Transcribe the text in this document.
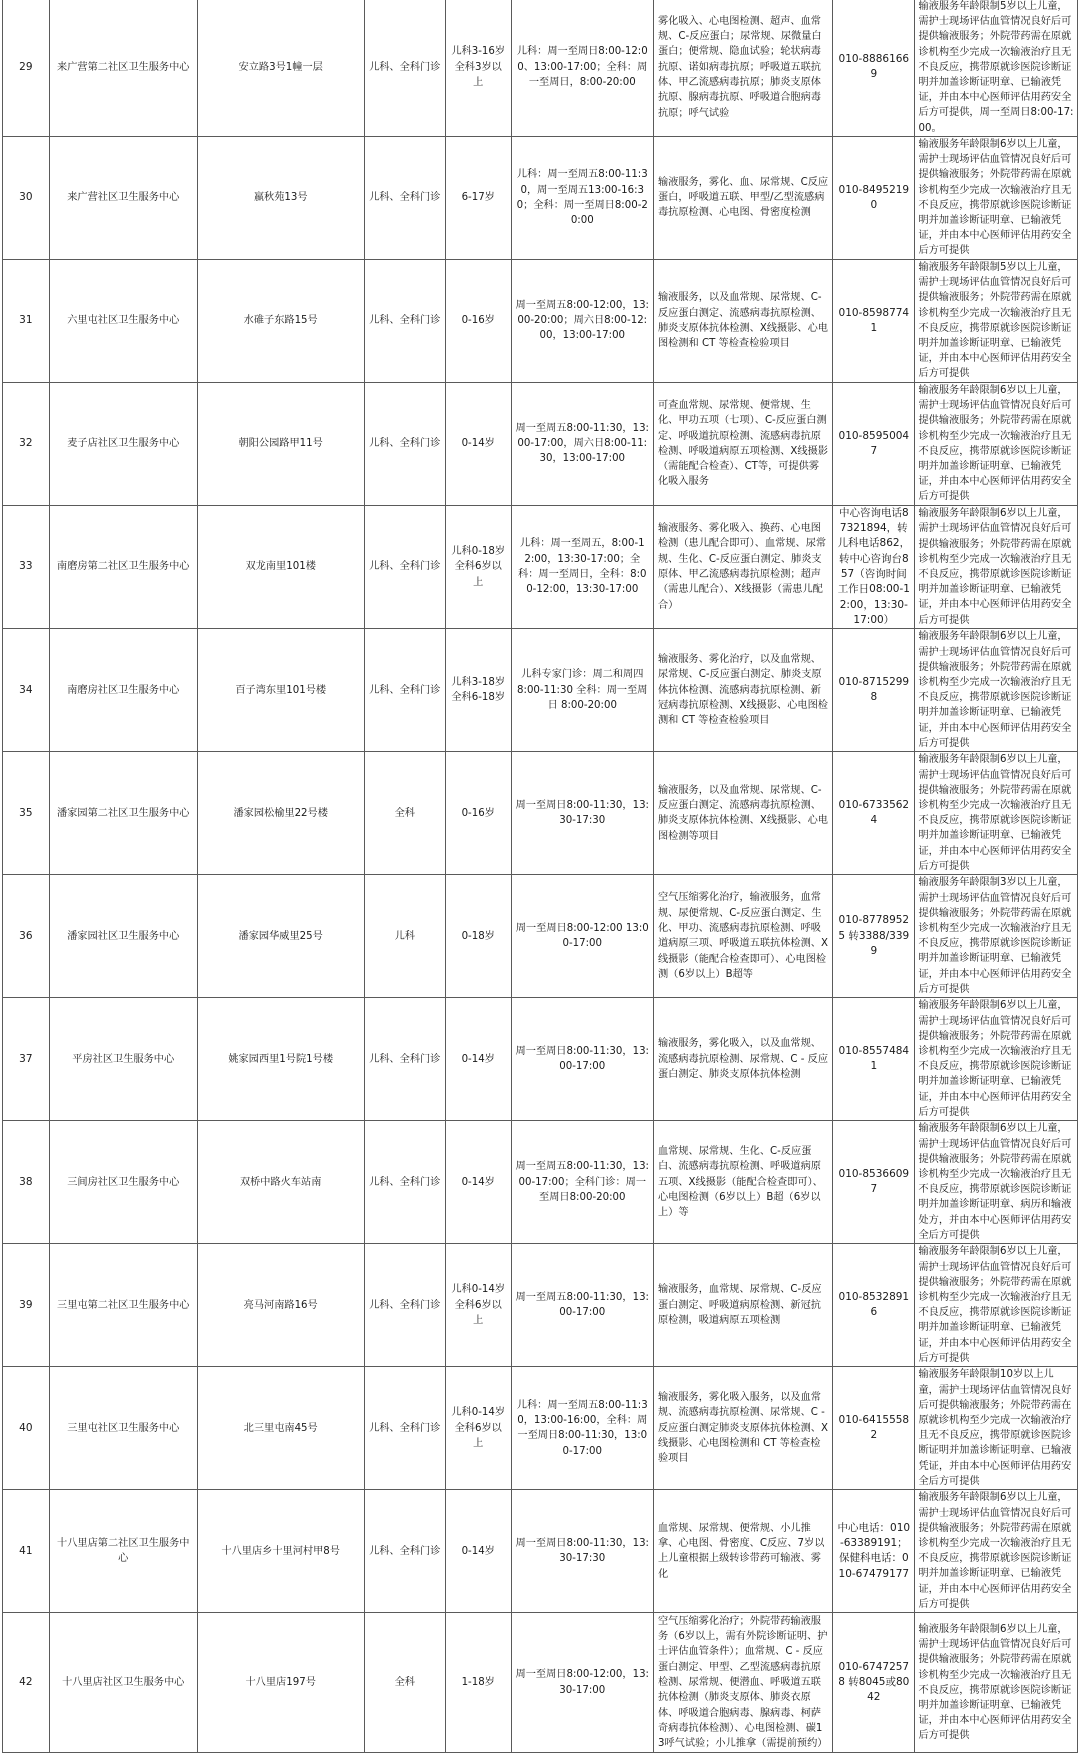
29	来广营第二社区卫生服务中心	安立路3号1幢一层	儿科、全科门诊	儿科3-16岁 全科3岁以上	儿科：周一至周日8:00-12:00、13:00-17:00；全科：周一至周日，8:00-20:00	雾化吸入、心电图检测、超声、血常规、C-反应蛋白；尿常规、尿微量白蛋白；便常规、隐血试验；轮状病毒抗原、诺如病毒抗原；呼吸道五联抗体、甲乙流感病毒抗原；肺炎支原体抗原、腺病毒抗原、呼吸道合胞病毒抗原；呼气试验	010-88861669	输液服务年龄限制5岁以上儿童，需护士现场评估血管情况良好后可提供输液服务；外院带药需在原就诊机构至少完成一次输液治疗且无不良反应，携带原就诊医院诊断证明并加盖诊断证明章、已输液凭证，并由本中心医师评估用药安全后方可提供，周一至周日8:00-17:00。
30	来广营社区卫生服务中心	嬴秋苑13号	儿科、全科门诊	6-17岁	儿科：周一至周五8:00-11:30，周一至周五13:00-16:30；全科：周一至周日8:00-20:00	输液服务，雾化、血、尿常规、C反应蛋白，呼吸道五联、甲型/乙型流感病毒抗原检测、心电图、骨密度检测	010-84952190	输液服务年龄限制6岁以上儿童，需护士现场评估血管情况良好后可提供输液服务；外院带药需在原就诊机构至少完成一次输液治疗且无不良反应，携带原就诊医院诊断证明并加盖诊断证明章、已输液凭证，并由本中心医师评估用药安全后方可提供
31	六里屯社区卫生服务中心	水碓子东路15号	儿科、全科门诊	0-16岁	周一至周五8:00-12:00，13:00-20:00；周六日8:00-12:00，13:00-17:00	输液服务，以及血常规、尿常规、C-反应蛋白测定、流感病毒抗原检测、肺炎支原体抗体检测、X线摄影、心电图检测和 CT 等检查检验项目	010-85987741	输液服务年龄限制5岁以上儿童，需护士现场评估血管情况良好后可提供输液服务；外院带药需在原就诊机构至少完成一次输液治疗且无不良反应，携带原就诊医院诊断证明并加盖诊断证明章、已输液凭证，并由本中心医师评估用药安全后方可提供
32	麦子店社区卫生服务中心	朝阳公园路甲11号	儿科、全科门诊	0-14岁	周一至周五8:00-11:30，13:00-17:00，周六日8:00-11:30，13:00-17:00	可查血常规、尿常规、便常规、生化、甲功五项（七项）、C-反应蛋白测定、呼吸道抗原检测、流感病毒抗原检测、呼吸道病原五项检测、X线摄影（需能配合检查）、CT等，可提供雾化吸入服务	010-85950047	输液服务年龄限制6岁以上儿童，需护士现场评估血管情况良好后可提供输液服务；外院带药需在原就诊机构至少完成一次输液治疗且无不良反应，携带原就诊医院诊断证明并加盖诊断证明章、已输液凭证，并由本中心医师评估用药安全后方可提供
33	南磨房第二社区卫生服务中心	双龙南里101楼	儿科、全科门诊	儿科0-18岁 全科6岁以上	儿科：周一至周五，8:00-12:00，13:30-17:00；全科：周一至周日，全科：8:00-12:00，13:30-17:00	输液服务、雾化吸入、换药、心电图检测（患儿配合即可）、血常规、尿常规、生化、C-反应蛋白测定、肺炎支原体、甲乙流感病毒抗原检测；超声（需患儿配合）、X线摄影（需患儿配合）	中心咨询电话87321894，转儿科电话862，转中心咨询台857（咨询时间工作日08:00-12:00，13:30-17:00）	输液服务年龄限制6岁以上儿童，需护士现场评估血管情况良好后可提供输液服务；外院带药需在原就诊机构至少完成一次输液治疗且无不良反应，携带原就诊医院诊断证明并加盖诊断证明章、已输液凭证，并由本中心医师评估用药安全后方可提供
34	南磨房社区卫生服务中心	百子湾东里101号楼	儿科、全科门诊	儿科3-18岁 全科6-18岁	儿科专家门诊：周二和周四 8:00-11:30 全科：周一至周日 8:00-20:00	输液服务、雾化治疗，以及血常规、尿常规、C-反应蛋白测定、肺炎支原体抗体检测、流感病毒抗原检测、新冠病毒抗原检测、X线摄影、心电图检测和 CT 等检查检验项目	010-87152998	输液服务年龄限制6岁以上儿童，需护士现场评估血管情况良好后可提供输液服务；外院带药需在原就诊机构至少完成一次输液治疗且无不良反应，携带原就诊医院诊断证明并加盖诊断证明章、已输液凭证，并由本中心医师评估用药安全后方可提供
35	潘家园第二社区卫生服务中心	潘家园松榆里22号楼	全科	0-16岁	周一至周日8:00-11:30，13:30-17:30	输液服务，以及血常规、尿常规、C-反应蛋白测定、流感病毒抗原检测、肺炎支原体抗体检测、X线摄影、心电图检测等项目	010-67335624	输液服务年龄限制6岁以上儿童，需护士现场评估血管情况良好后可提供输液服务；外院带药需在原就诊机构至少完成一次输液治疗且无不良反应，携带原就诊医院诊断证明并加盖诊断证明章、已输液凭证，并由本中心医师评估用药安全后方可提供
36	潘家园社区卫生服务中心	潘家园华威里25号	儿科	0-18岁	周一至周日8:00-12:00 13:00-17:00	空气压缩雾化治疗，输液服务，血常规、尿便常规、C-反应蛋白测定、生化、甲功、流感病毒抗原检测、呼吸道病原三项、呼吸道五联抗体检测、X线摄影（能配合检查即可）、心电图检测（6岁以上）B超等	010-87789525 转3388/3399	输液服务年龄限制3岁以上儿童，需护士现场评估血管情况良好后可提供输液服务；外院带药需在原就诊机构至少完成一次输液治疗且无不良反应，携带原就诊医院诊断证明并加盖诊断证明章、已输液凭证，并由本中心医师评估用药安全后方可提供
37	平房社区卫生服务中心	姚家园西里1号院1号楼	儿科、全科门诊	0-14岁	周一至周日8:00-11:30，13:00-17:00	输液服务，雾化吸入，以及血常规、流感病毒抗原检测、尿常规、C - 反应蛋白测定、肺炎支原体抗体检测	010-85574841	输液服务年龄限制6岁以上儿童，需护士现场评估血管情况良好后可提供输液服务；外院带药需在原就诊机构至少完成一次输液治疗且无不良反应，携带原就诊医院诊断证明并加盖诊断证明章、已输液凭证，并由本中心医师评估用药安全后方可提供
38	三间房社区卫生服务中心	双桥中路火车站南	儿科、全科门诊	0-14岁	周一至周五8:00-11:30，13:00-17:00；全科门诊：周一至周日8:00-20:00	血常规、尿常规、生化、C-反应蛋白、流感病毒抗原检测、呼吸道病原五项、X线摄影（能配合检查即可）、心电图检测（6岁以上）B超（6岁以上）等	010-85366097	输液服务年龄限制6岁以上儿童，需护士现场评估血管情况良好后可提供输液服务；外院带药需在原就诊机构至少完成一次输液治疗且无不良反应，携带原就诊医院诊断证明并加盖诊断证明章、病历和输液处方，并由本中心医师评估用药安全后方可提供
39	三里屯第二社区卫生服务中心	亮马河南路16号	儿科、全科门诊	儿科0-14岁 全科6岁以上	周一至周五8:00-11:30，13:00-17:00	输液服务，血常规、尿常规、C-反应蛋白测定、呼吸道病原检测、新冠抗原检测，吸道病原五项检测	010-85328916	输液服务年龄限制6岁以上儿童，需护士现场评估血管情况良好后可提供输液服务；外院带药需在原就诊机构至少完成一次输液治疗且无不良反应，携带原就诊医院诊断证明并加盖诊断证明章、已输液凭证，并由本中心医师评估用药安全后方可提供
40	三里屯社区卫生服务中心	北三里屯南45号	儿科、全科门诊	儿科0-14岁 全科6岁以上	儿科：周一至周五8:00-11:30，13:00-16:00，全科：周一至周日8:00-11:30，13:00-17:00	输液服务，雾化吸入服务，以及血常规、流感病毒抗原检测、尿常规、C - 反应蛋白测定肺炎支原体抗体检测、X线摄影、心电图检测和 CT 等检查检验项目	010-64155582	输液服务年龄限制10岁以上儿童，需护士现场评估血管情况良好后可提供输液服务；外院带药需在原就诊机构至少完成一次输液治疗且无不良反应，携带原就诊医院诊断证明并加盖诊断证明章、已输液凭证，并由本中心医师评估用药安全后方可提供
41	十八里店第二社区卫生服务中心	十八里店乡十里河村甲8号	儿科、全科门诊	0-14岁	周一至周日8:00-11:30，13:30-17:30	血常规、尿常规、便常规、小儿推拿、心电图、骨密度、C反应、7岁以上儿童根据上级转诊带药可输液、雾化	中心电话：010-63389191；保健科电话：010-67479177	输液服务年龄限制6岁以上儿童，需护士现场评估血管情况良好后可提供输液服务；外院带药需在原就诊机构至少完成一次输液治疗且无不良反应，携带原就诊医院诊断证明并加盖诊断证明章、已输液凭证，并由本中心医师评估用药安全后方可提供
42	十八里店社区卫生服务中心	十八里店197号	全科	1-18岁	周一至周日8:00-12:00，13:30-17:00	空气压缩雾化治疗；外院带药输液服务（6岁以上，需有外院诊断证明、护士评估血管条件）；血常规、C - 反应蛋白测定、甲型、乙型流感病毒抗原检测、尿常规、便潜血、呼吸道五联抗体检测（肺炎支原体、肺炎衣原体、呼吸道合胞病毒、腺病毒、柯萨奇病毒抗体检测）、心电图检测、碳13呼气试验；小儿推拿（需提前预约）	010-67472578 转8045或8042	输液服务年龄限制6岁以上儿童，需护士现场评估血管情况良好后可提供输液服务；外院带药需在原就诊机构至少完成一次输液治疗且无不良反应，携带原就诊医院诊断证明并加盖诊断证明章、已输液凭证，并由本中心医师评估用药安全后方可提供
